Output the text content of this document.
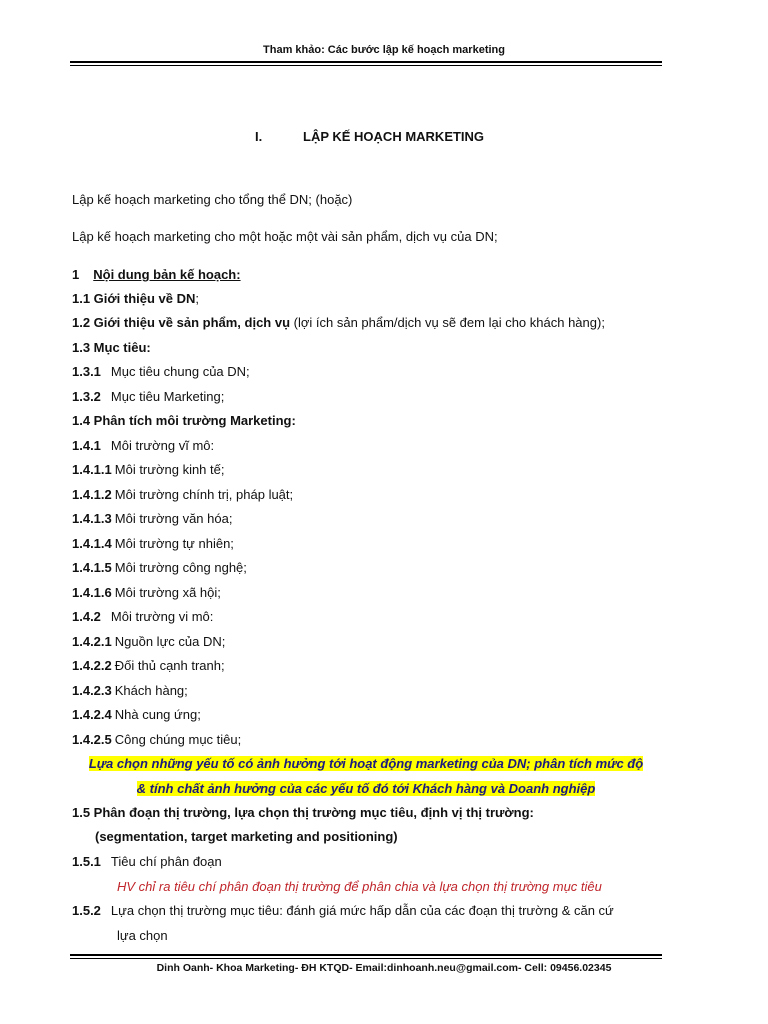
Tham khảo: Các bước lập kế hoạch marketing
I.	LẬP KẾ HOẠCH MARKETING
Lập kế hoạch marketing cho tổng thể DN; (hoặc)
Lập kế hoạch marketing cho một hoặc một vài sản phẩm, dịch vụ của DN;
1 Nội dung bản kế hoạch:
1.1 Giới thiệu về DN;
1.2 Giới thiệu về sản phẩm, dịch vụ (lợi ích sản phẩm/dịch vụ sẽ đem lại cho khách hàng);
1.3 Mục tiêu:
1.3.1 Mục tiêu chung của DN;
1.3.2 Mục tiêu Marketing;
1.4 Phân tích môi trường Marketing:
1.4.1 Môi trường vĩ mô:
1.4.1.1 Môi trường kinh tế;
1.4.1.2 Môi trường chính trị, pháp luật;
1.4.1.3 Môi trường văn hóa;
1.4.1.4 Môi trường tự nhiên;
1.4.1.5 Môi trường công nghệ;
1.4.1.6 Môi trường xã hội;
1.4.2 Môi trường vi mô:
1.4.2.1 Nguồn lực của DN;
1.4.2.2 Đối thủ cạnh tranh;
1.4.2.3 Khách hàng;
1.4.2.4 Nhà cung ứng;
1.4.2.5 Công chúng mục tiêu;
Lựa chọn những yếu tố có ảnh hưởng tới hoạt động marketing của DN; phân tích mức độ
& tính chất ảnh hưởng của các yếu tố đó tới Khách hàng và Doanh nghiệp
1.5 Phân đoạn thị trường, lựa chọn thị trường mục tiêu, định vị thị trường:
(segmentation, target marketing and positioning)
1.5.1 Tiêu chí phân đoạn
HV chỉ ra tiêu chí phân đoạn thị trường để phân chia và lựa chọn thị trường mục tiêu
1.5.2 Lựa chọn thị trường mục tiêu: đánh giá mức hấp dẫn của các đoạn thị trường & căn cứ
lựa chọn
Dinh Oanh- Khoa Marketing- ĐH KTQD- Email:dinhoanh.neu@gmail.com- Cell: 09456.02345
